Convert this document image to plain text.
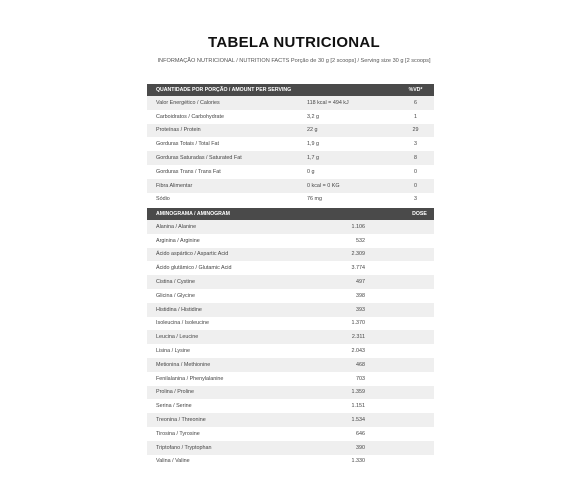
TABELA NUTRICIONAL
INFORMAÇÃO NUTRICIONAL / NUTRITION FACTS Porção de 30 g [2 scoops] / Serving size 30 g [2 scoops]
QUANTIDADE POR PORÇÃO / AMOUNT PER SERVING	%VD*
Valor Energético / Calories	118 kcal = 494 kJ	6
Carboidratos / Carbohydrate	3,2 g	1
Proteínas / Protein	22 g	29
Gorduras Totais / Total Fat	1,9 g	3
Gorduras Saturadas / Saturated Fat	1,7 g	8
Gorduras Trans / Trans Fat	0 g	0
Fibra Alimentar	0 kcal = 0 KG	0
Sódio	76 mg	3
AMINOGRAMA / AMINOGRAM	DOSE
Alanina / Alanine	1.106
Arginina / Arginine	532
Ácido aspártico / Aspartic Acid	2.309
Ácido glutâmico / Glutamic Acid	3.774
Cistina / Cystine	497
Glicina / Glycine	398
Histidina / Histidine	393
Isoleucina / Isoleucine	1.370
Leucina / Leucine	2.311
Lisina / Lysine	2.043
Metionina / Methionine	468
Fenilalanina / Phenylalanine	703
Prolina / Proline	1.359
Serina / Serine	1.151
Treonina / Threonine	1.534
Tirosina / Tyrosine	646
Triptofano / Tryptophan	390
Valina / Valine	1.330
